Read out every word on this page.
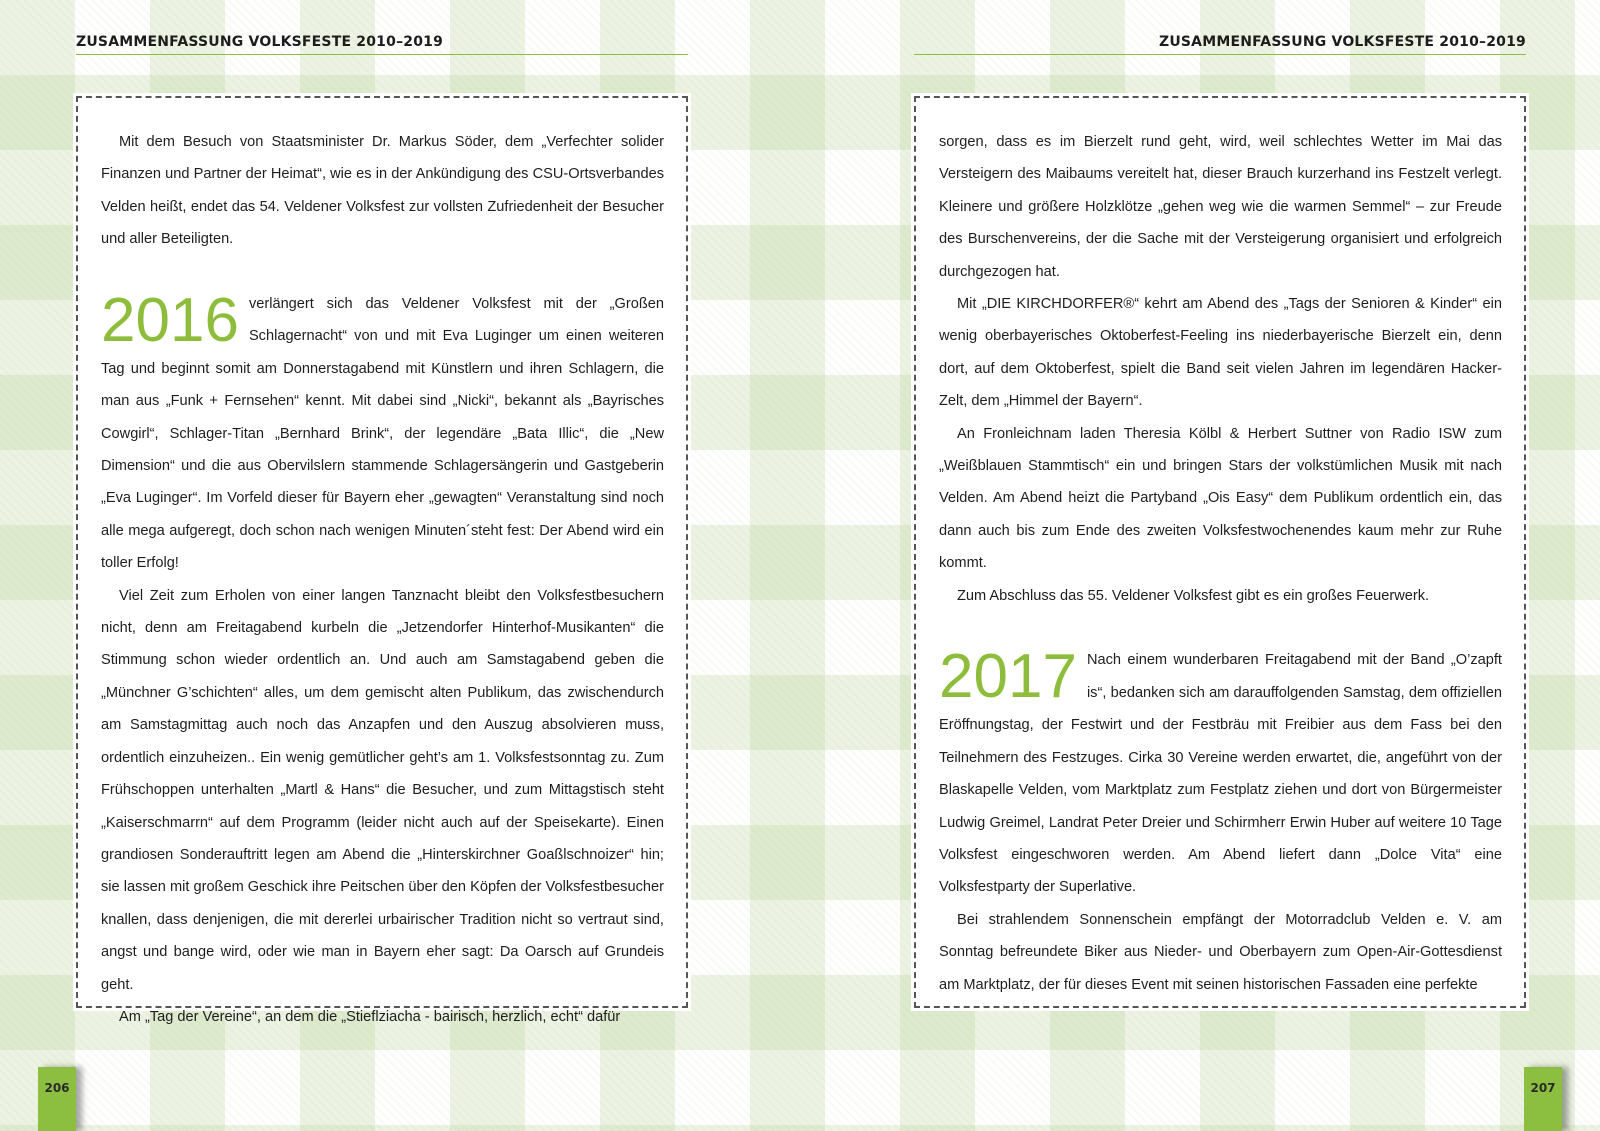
ZUSAMMENFASSUNG VOLKSFESTE 2010–2019

Mit dem Besuch von Staatsminister Dr. Markus Söder, dem „Verfechter solider Finanzen und Partner der Heimat“, wie es in der Ankündigung des CSU-Ortsverbandes Velden heißt, endet das 54. Veldener Volksfest zur vollsten Zufriedenheit der Besucher und aller Beteiligten.

2016 verlängert sich das Veldener Volksfest mit der „Großen Schlagernacht“ von und mit Eva Luginger um einen weiteren Tag und beginnt somit am Donnerstagabend mit Künstlern und ihren Schlagern, die man aus „Funk + Fernsehen“ kennt. Mit dabei sind „Nicki“, bekannt als „Bayrisches Cowgirl“, Schlager-Titan „Bernhard Brink“, der legendäre „Bata Illic“, die „New Dimension“ und die aus Obervilslern stammende Schlagersängerin und Gastgeberin „Eva Luginger“. Im Vorfeld dieser für Bayern eher „gewagten“ Veranstaltung sind noch alle mega aufgeregt, doch schon nach wenigen Minuten´steht fest: Der Abend wird ein toller Erfolg!

Viel Zeit zum Erholen von einer langen Tanznacht bleibt den Volksfestbesuchern nicht, denn am Freitagabend kurbeln die „Jetzendorfer Hinterhof-Musikanten“ die Stimmung schon wieder ordentlich an. Und auch am Samstagabend geben die „Münchner G’schichten“ alles, um dem gemischt alten Publikum, das zwischendurch am Samstagmittag auch noch das Anzapfen und den Auszug absolvieren muss, ordentlich einzuheizen.. Ein wenig gemütlicher geht’s am 1. Volksfestsonntag zu. Zum Frühschoppen unterhalten „Martl & Hans“ die Besucher, und zum Mittagstisch steht „Kaiserschmarrn“ auf dem Programm (leider nicht auch auf der Speisekarte). Einen grandiosen Sonderauftritt legen am Abend die „Hinterskirchner Goaßlschnoizer“ hin; sie lassen mit großem Geschick ihre Peitschen über den Köpfen der Volksfestbesucher knallen, dass denjenigen, die mit dererlei urbairischer Tradition nicht so vertraut sind, angst und bange wird, oder wie man in Bayern eher sagt: Da Oarsch auf Grundeis geht.

Am „Tag der Vereine“, an dem die „Stieflziacha - bairisch, herzlich, echt“ dafür

206
ZUSAMMENFASSUNG VOLKSFESTE 2010–2019

sorgen, dass es im Bierzelt rund geht, wird, weil schlechtes Wetter im Mai das Versteigern des Maibaums vereitelt hat, dieser Brauch kurzerhand ins Festzelt verlegt. Kleinere und größere Holzklötze „gehen weg wie die warmen Semmel“ – zur Freude des Burschenvereins, der die Sache mit der Versteigerung organisiert und erfolgreich durchgezogen hat.

Mit „DIE KIRCHDORFER®“ kehrt am Abend des „Tags der Senioren & Kinder“ ein wenig oberbayerisches Oktoberfest-Feeling ins niederbayerische Bierzelt ein, denn dort, auf dem Oktoberfest, spielt die Band seit vielen Jahren im legendären Hacker-Zelt, dem „Himmel der Bayern“.

An Fronleichnam laden Theresia Kölbl & Herbert Suttner von Radio ISW zum „Weißblauen Stammtisch“ ein und bringen Stars der volkstümlichen Musik mit nach Velden. Am Abend heizt die Partyband „Ois Easy“ dem Publikum ordentlich ein, das dann auch bis zum Ende des zweiten Volksfestwochenendes kaum mehr zur Ruhe kommt.

Zum Abschluss das 55. Veldener Volksfest gibt es ein großes Feuerwerk.

2017 Nach einem wunderbaren Freitagabend mit der Band „O’zapft is“, bedanken sich am darauffolgenden Samstag, dem offiziellen Eröffnungstag, der Festwirt und der Festbräu mit Freibier aus dem Fass bei den Teilnehmern des Festzuges. Cirka 30 Vereine werden erwartet, die, angeführt von der Blaskapelle Velden, vom Marktplatz zum Festplatz ziehen und dort von Bürgermeister Ludwig Greimel, Landrat Peter Dreier und Schirmherr Erwin Huber auf weitere 10 Tage Volksfest eingeschworen werden. Am Abend liefert dann „Dolce Vita“ eine Volksfestparty der Superlative.

Bei strahlendem Sonnenschein empfängt der Motorradclub Velden e. V. am Sonntag befreundete Biker aus Nieder- und Oberbayern zum Open-Air-Gottesdienst am Marktplatz, der für dieses Event mit seinen historischen Fassaden eine perfekte

207
